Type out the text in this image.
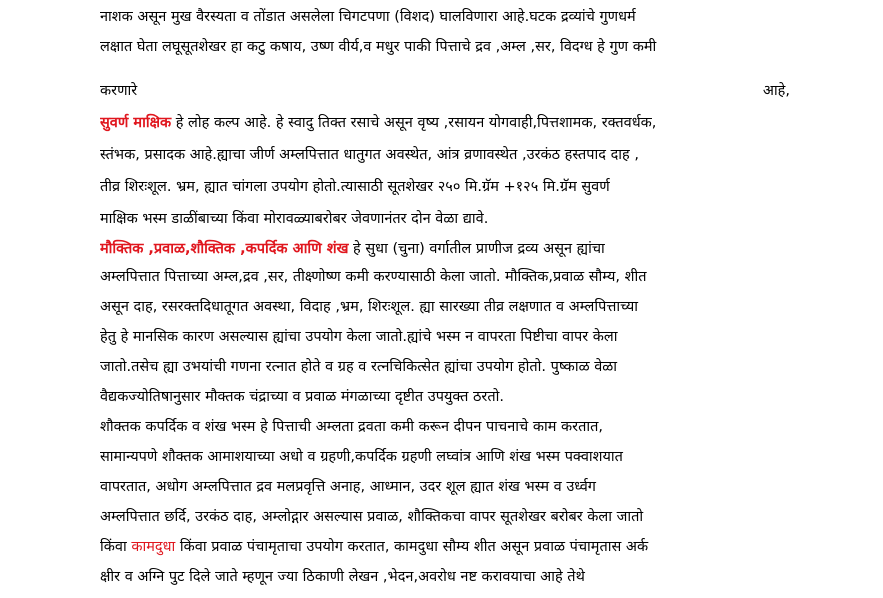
नाशक असून मुख वैरस्यता व तोंडात असलेला चिगटपणा (विशद) घालविणारा आहे.घटक द्रव्यांचे गुणधर्म
लक्षात घेता लघूसूतशेखर हा कटु कषाय, उष्ण वीर्य,व मधुर पाकी पित्ताचे द्रव ,अम्ल ,सर, विदग्ध हे गुण कमी
करणारे	आहे,
सुवर्ण माक्षिक हे लोह कल्प आहे. हे स्वादु तिक्त रसाचे असून वृष्य ,रसायन योगवाही,पित्तशामक, रक्तवर्धक,
स्तंभक, प्रसादक आहे.ह्याचा जीर्ण अम्लपित्तात धातुगत अवस्थेत, आंत्र व्रणावस्थेत ,उरकंठ हस्तपाद दाह ,
तीव्र शिरःशूल. भ्रम, ह्यात चांगला उपयोग होतो.त्यासाठी सूतशेखर २५० मि.ग्रॅम +१२५ मि.ग्रॅम सुवर्ण
माक्षिक भस्म डाळींबाच्या किंवा मोरावळ्याबरोबर जेवणानंतर दोन वेळा द्यावे.
मौक्तिक ,प्रवाळ,शौक्तिक ,कपर्दिक आणि शंख हे सुधा (चुना) वर्गातील प्राणीज द्रव्य असून ह्यांचा
अम्लपित्तात पित्ताच्या अम्ल,द्रव ,सर, तीक्ष्णोष्ण कमी करण्यासाठी केला जातो. मौक्तिक,प्रवाळ सौम्य, शीत
असून दाह, रसरक्तदिधातूगत अवस्था, विदाह ,भ्रम, शिरःशूल. ह्या सारख्या तीव्र लक्षणात व अम्लपित्ताच्या
हेतु हे मानसिक कारण असल्यास ह्यांचा उपयोग केला जातो.ह्यांचे भस्म न वापरता पिष्टीचा वापर केला
जातो.तसेच ह्या उभयांची गणना रत्नात होते व ग्रह व रत्नचिकित्सेत ह्यांचा उपयोग होतो. पुष्काळ वेळा
वैद्यकज्योतिषानुसार मौक्तक चंद्राच्या व प्रवाळ मंगळाच्या दृष्टीत उपयुक्त ठरतो.
शौक्तक कपर्दिक व शंख भस्म हे पित्ताची अम्लता द्रवता कमी करून दीपन पाचनाचे काम करतात,
सामान्यपणे शौक्तक आमाशयाच्या अधो व ग्रहणी,कपर्दिक ग्रहणी लघ्वांत्र आणि शंख भस्म पक्वाशयात
वापरतात, अधोग अम्लपित्तात द्रव मलप्रवृत्ति अनाह, आध्मान, उदर शूल ह्यात शंख भस्म व उर्ध्वग
अम्लपित्तात छर्दि, उरकंठ दाह, अम्लोद्गार असल्यास प्रवाळ, शौक्तिकचा वापर सूतशेखर बरोबर केला जातो
किंवा कामदुधा किंवा प्रवाळ पंचामृताचा उपयोग करतात, कामदुधा सौम्य शीत असून प्रवाळ पंचामृतास अर्क
क्षीर व अग्नि पुट दिले जाते म्हणून ज्या ठिकाणी लेखन ,भेदन,अवरोध नष्ट करावयाचा आहे तेथे
